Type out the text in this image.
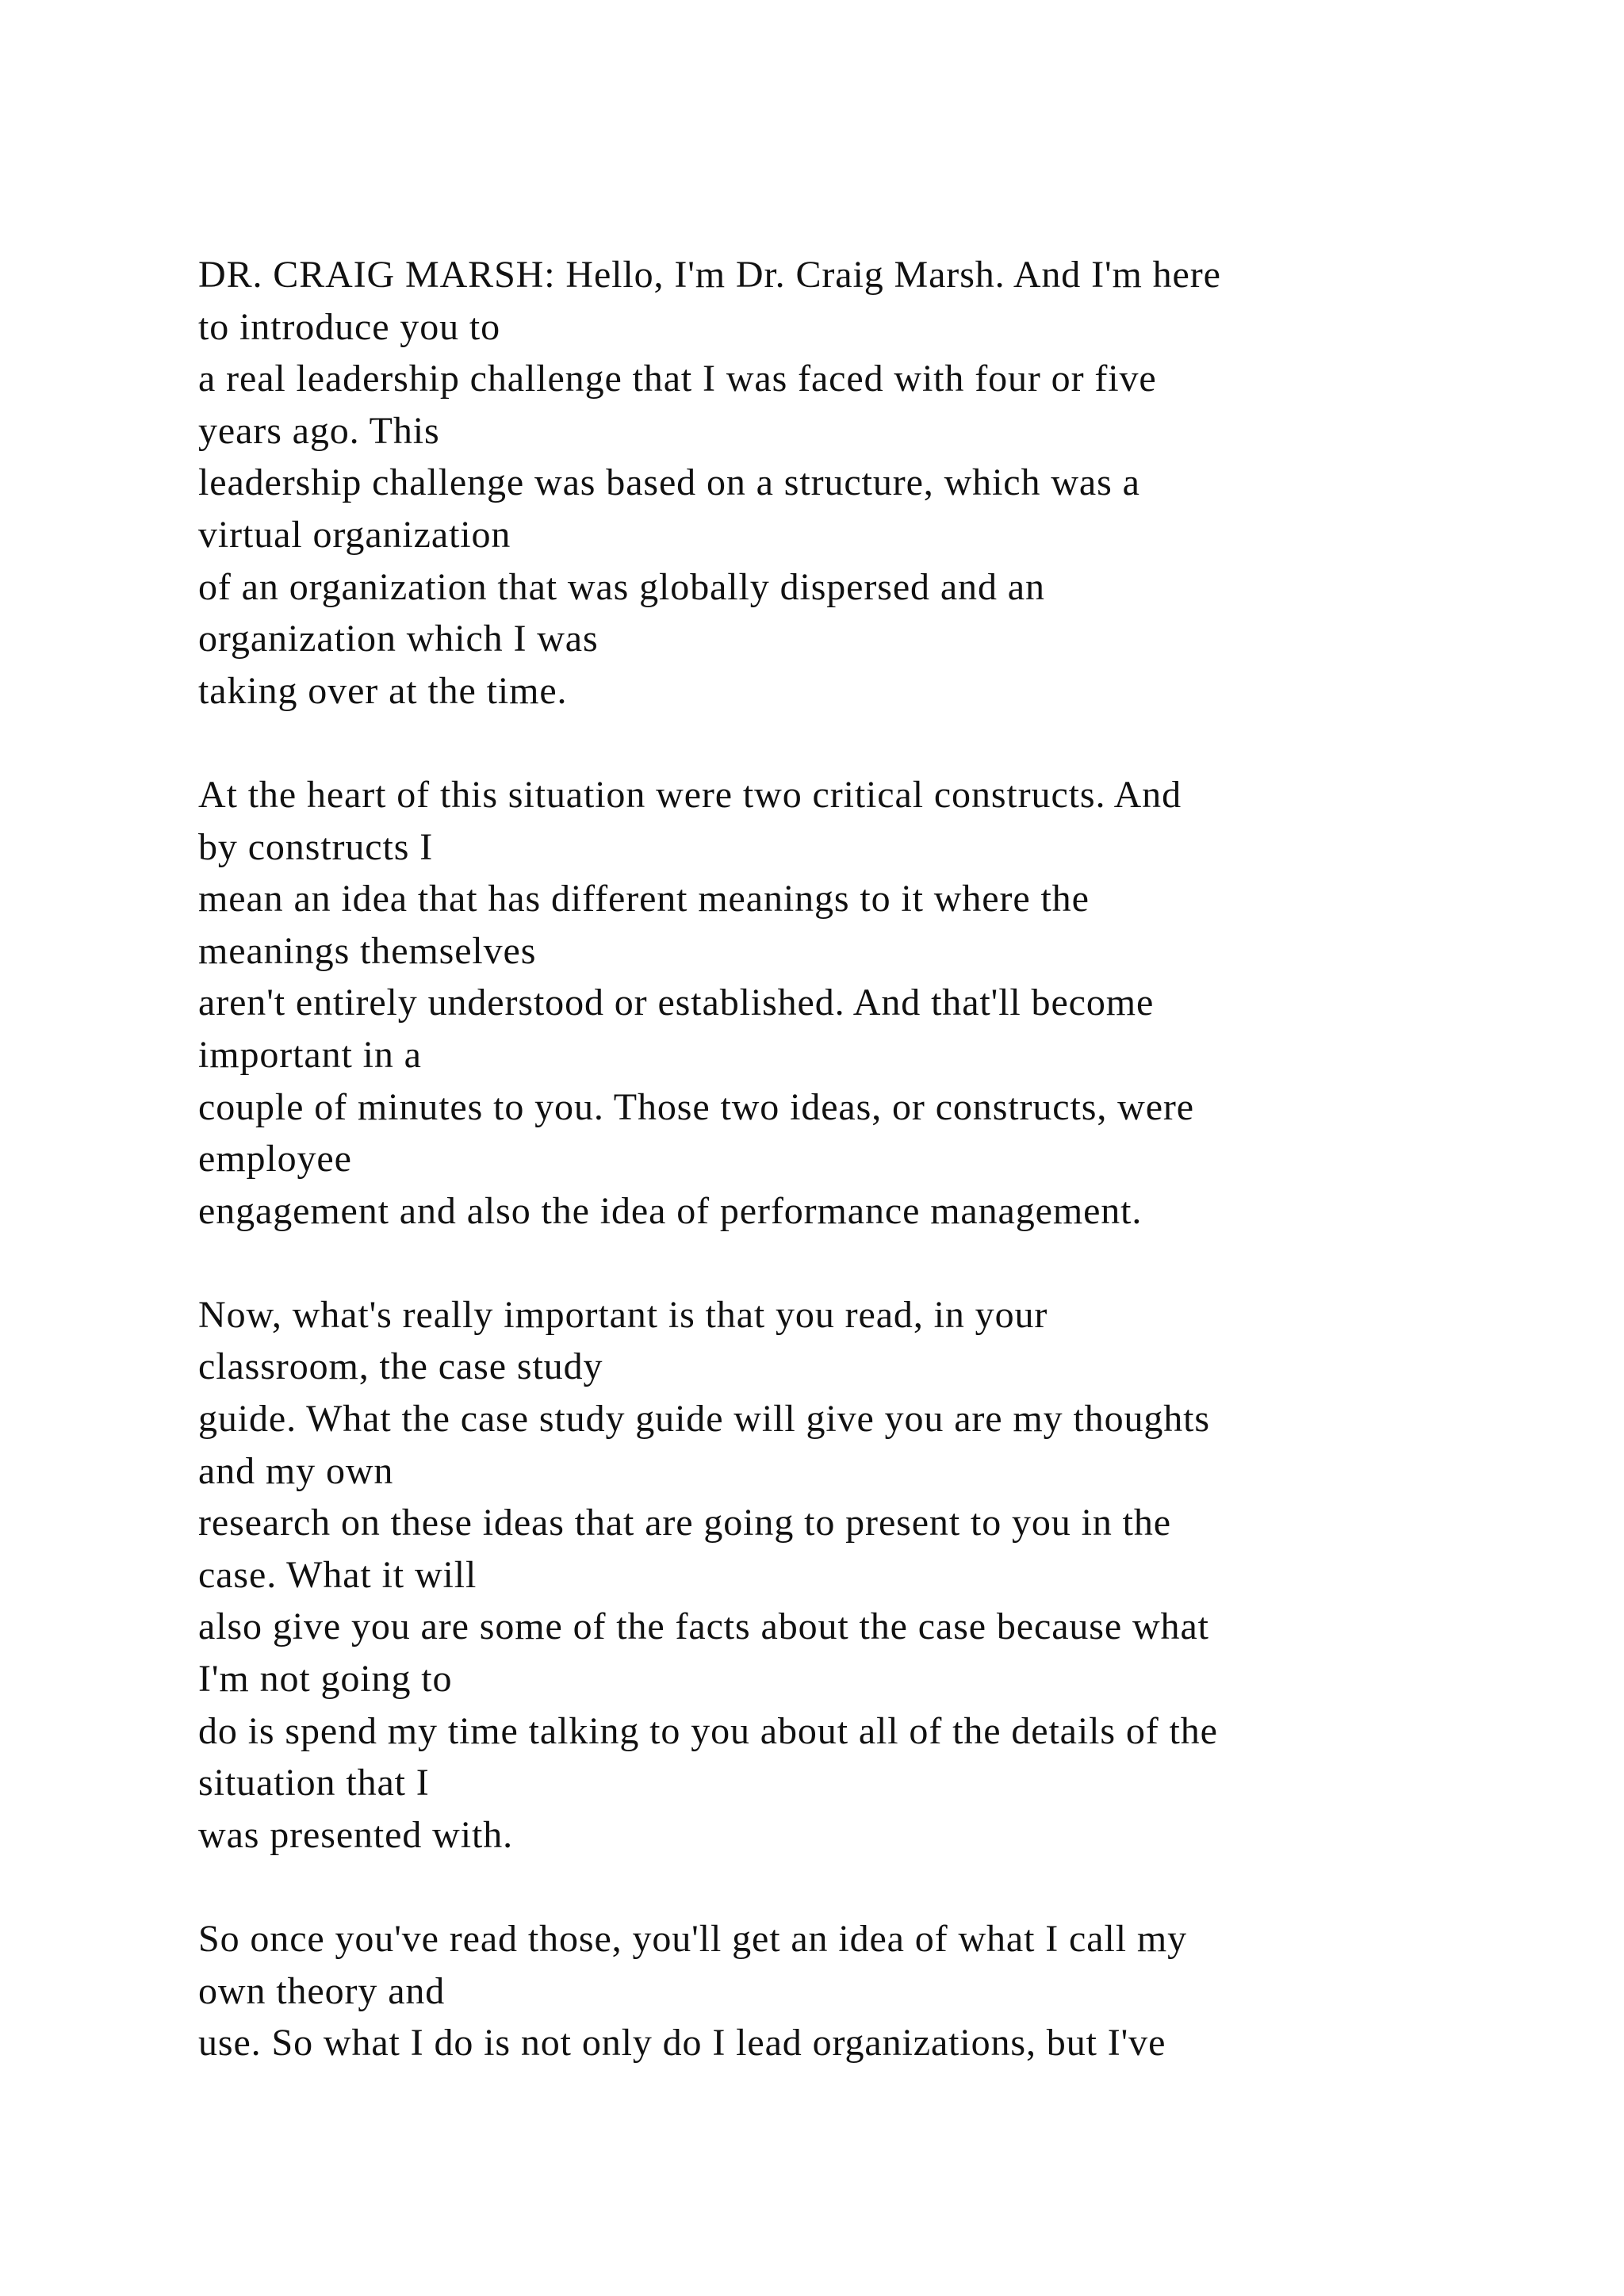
DR. CRAIG MARSH: Hello, I'm Dr. Craig Marsh. And I'm here
to introduce you to
a real leadership challenge that I was faced with four or five
years ago. This
leadership challenge was based on a structure, which was a
virtual organization
of an organization that was globally dispersed and an
organization which I was
taking over at the time.
At the heart of this situation were two critical constructs. And
by constructs I
mean an idea that has different meanings to it where the
meanings themselves
aren't entirely understood or established. And that'll become
important in a
couple of minutes to you. Those two ideas, or constructs, were
employee
engagement and also the idea of performance management.
Now, what's really important is that you read, in your
classroom, the case study
guide. What the case study guide will give you are my thoughts
and my own
research on these ideas that are going to present to you in the
case. What it will
also give you are some of the facts about the case because what
I'm not going to
do is spend my time talking to you about all of the details of the
situation that I
was presented with.
So once you've read those, you'll get an idea of what I call my
own theory and
use. So what I do is not only do I lead organizations, but I've
